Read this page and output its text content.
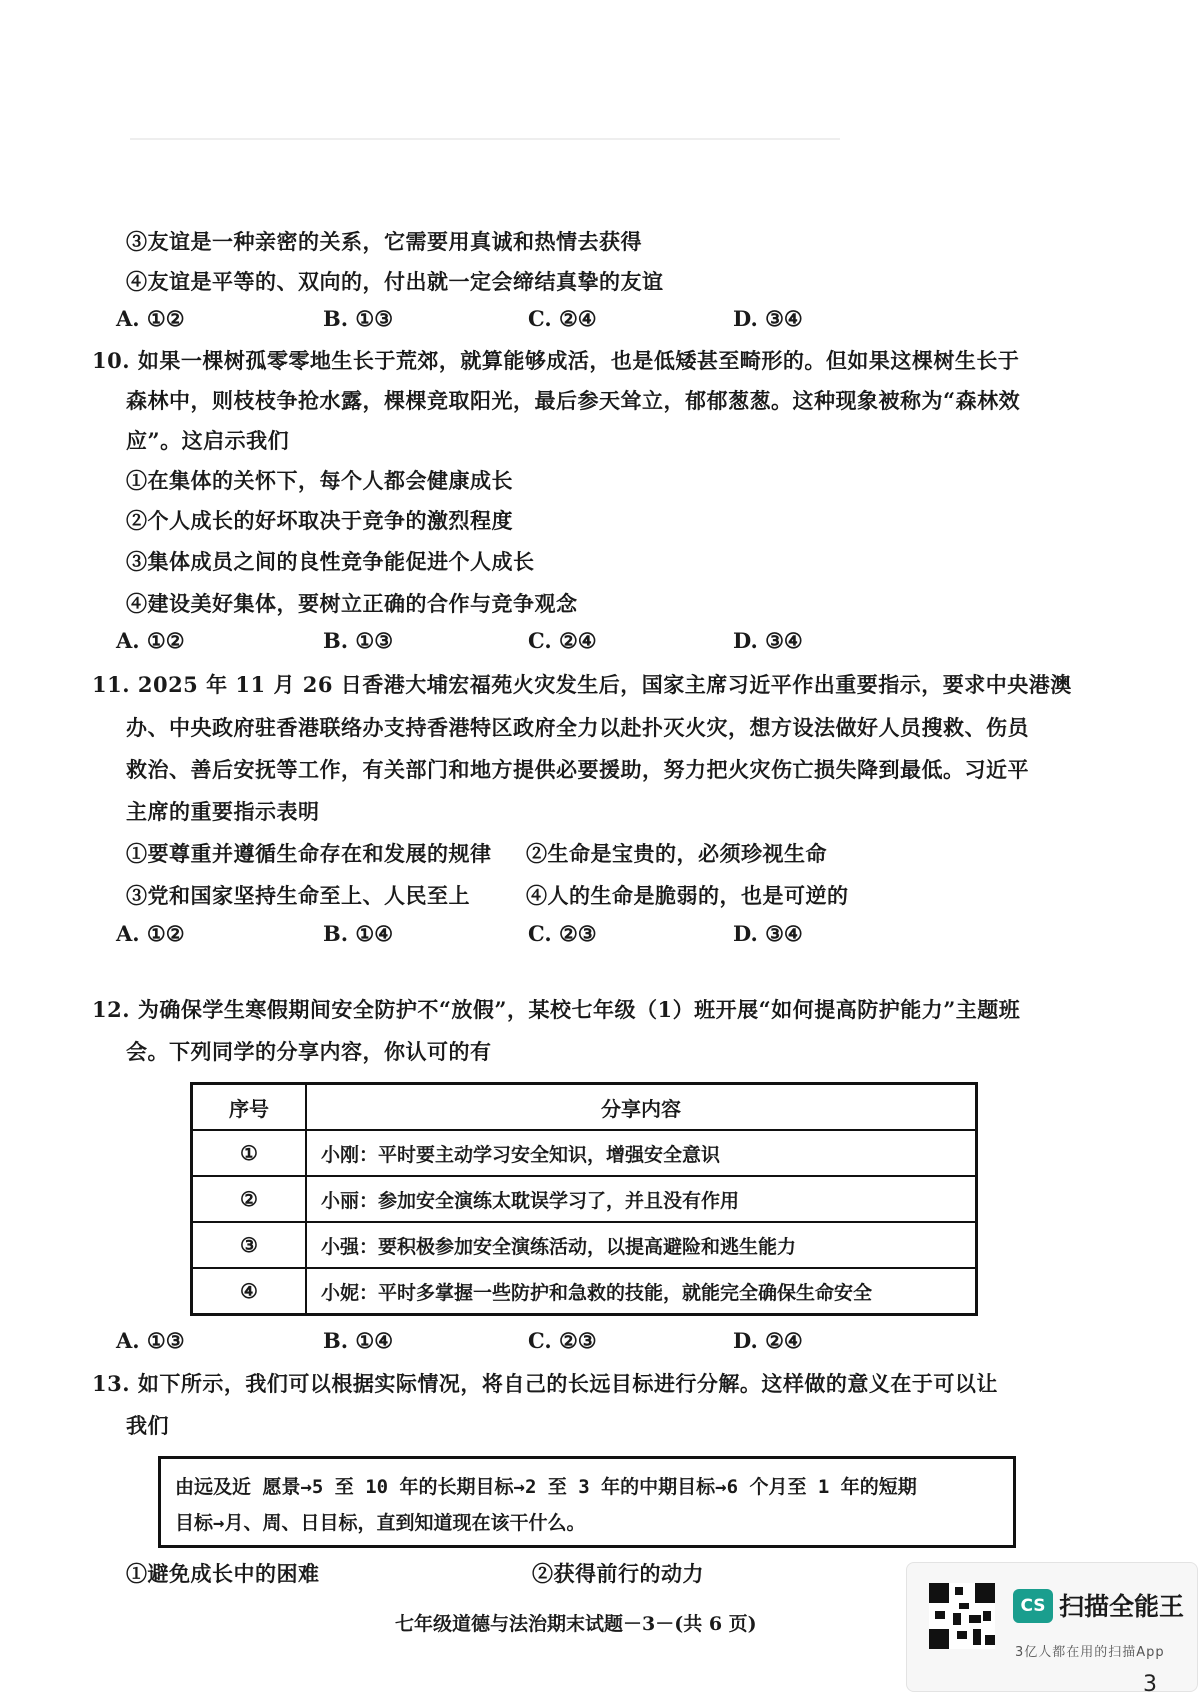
③友谊是一种亲密的关系，它需要用真诚和热情去获得
④友谊是平等的、双向的，付出就一定会缔结真挚的友谊
A. ①②	B. ①③	C. ②④	D. ③④
10. 如果一棵树孤零零地生长于荒郊，就算能够成活，也是低矮甚至畸形的。但如果这棵树生长于
森林中，则枝枝争抢水露，棵棵竞取阳光，最后参天耸立，郁郁葱葱。这种现象被称为“森林效
应”。这启示我们
①在集体的关怀下，每个人都会健康成长
②个人成长的好坏取决于竞争的激烈程度
③集体成员之间的良性竞争能促进个人成长
④建设美好集体，要树立正确的合作与竞争观念
A. ①②	B. ①③	C. ②④	D. ③④
11. 2025 年 11 月 26 日香港大埔宏福苑火灾发生后，国家主席习近平作出重要指示，要求中央港澳
办、中央政府驻香港联络办支持香港特区政府全力以赴扑灭火灾，想方设法做好人员搜救、伤员
救治、善后安抚等工作，有关部门和地方提供必要援助，努力把火灾伤亡损失降到最低。习近平
主席的重要指示表明
①要尊重并遵循生命存在和发展的规律 ②生命是宝贵的，必须珍视生命
③党和国家坚持生命至上、人民至上	④人的生命是脆弱的，也是可逆的
A. ①②	B. ①④	C. ②③	D. ③④
12. 为确保学生寒假期间安全防护不“放假”，某校七年级（1）班开展“如何提高防护能力”主题班
会。下列同学的分享内容，你认可的有
序号	分享内容
①	小刚：平时要主动学习安全知识，增强安全意识
②	小丽：参加安全演练太耽误学习了，并且没有作用
③	小强：要积极参加安全演练活动，以提高避险和逃生能力
④	小妮：平时多掌握一些防护和急救的技能，就能完全确保生命安全
A. ①③	B. ①④	C. ②③	D. ②④
13. 如下所示，我们可以根据实际情况，将自己的长远目标进行分解。这样做的意义在于可以让
我们
由远及近 愿景→5 至 10 年的长期目标→2 至 3 年的中期目标→6 个月至 1 年的短期
目标→月、周、日目标，直到知道现在该干什么。
①避免成长中的困难	②获得前行的动力
七年级道德与法治期末试题－3－(共 6 页)
CS 扫描全能王
3亿人都在用的扫描App
3
